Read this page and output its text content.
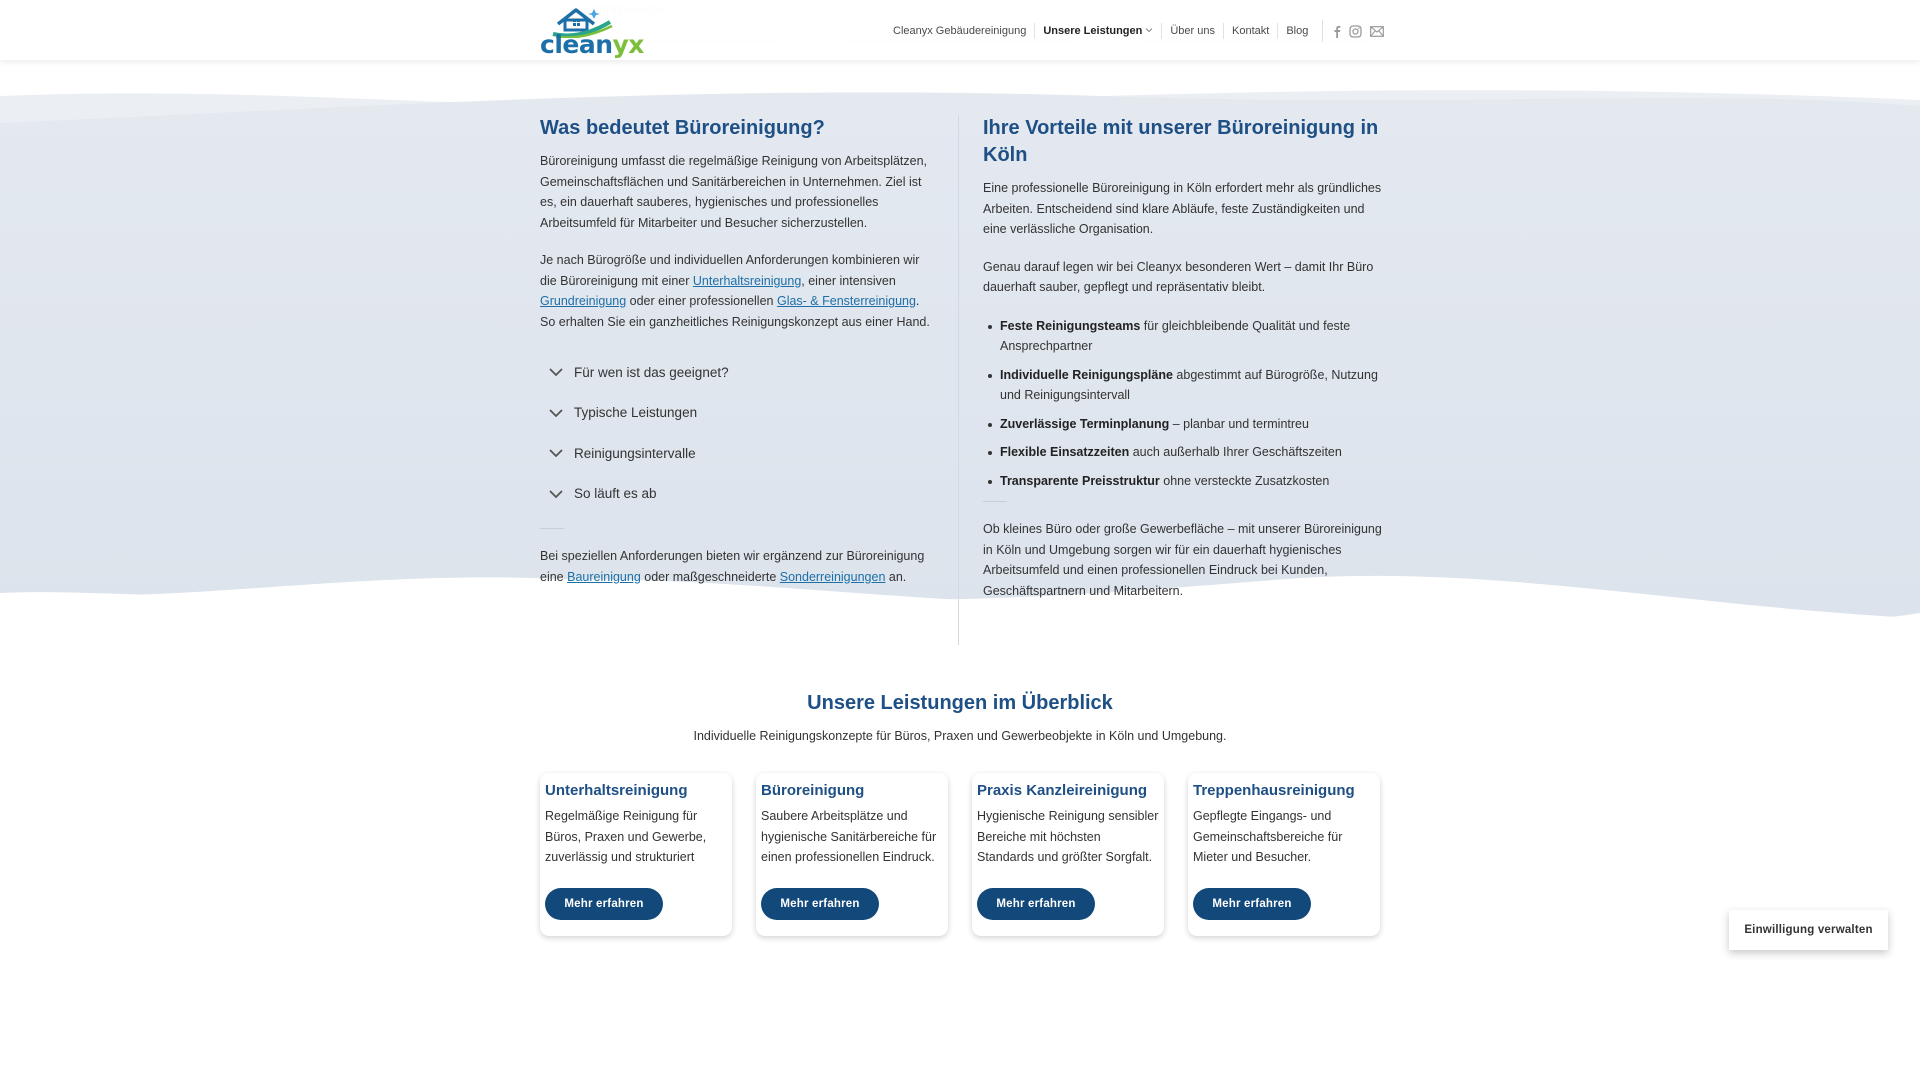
cleanyx	Cleanyx Gebäudereinigung Unsere Leistungen	Über uns Kontakt Blog
Was bedeutet Büroreinigung?

Büroreinigung umfasst die regelmäßige Reinigung von Arbeitsplätzen, Gemeinschaftsflächen und Sanitärbereichen in Unternehmen. Ziel ist es, ein dauerhaft sauberes, hygienisches und professionelles Arbeitsumfeld für Mitarbeiter und Besucher sicherzustellen.

Je nach Bürogröße und individuellen Anforderungen kombinieren wir die Büroreinigung mit einer Unterhaltsreinigung, einer intensiven Grundreinigung oder einer professionellen Glas- & Fensterreinigung. So erhalten Sie ein ganzheitliches Reinigungskonzept aus einer Hand.

Für wen ist das geeignet?
Typische Leistungen
Reinigungsintervalle
So läuft es ab

Bei speziellen Anforderungen bieten wir ergänzend zur Büroreinigung eine Baureinigung oder maßgeschneiderte Sonderreinigungen an.

Ihre Vorteile mit unserer Büroreinigung in Köln

Eine professionelle Büroreinigung in Köln erfordert mehr als gründliches Arbeiten. Entscheidend sind klare Abläufe, feste Zuständigkeiten und eine verlässliche Organisation.

Genau darauf legen wir bei Cleanyx besonderen Wert – damit Ihr Büro dauerhaft sauber, gepflegt und repräsentativ bleibt.

Feste Reinigungsteams für gleichbleibende Qualität und feste Ansprechpartner
Individuelle Reinigungspläne abgestimmt auf Bürogröße, Nutzung und Reinigungsintervall
Zuverlässige Terminplanung – planbar und termintreu
Flexible Einsatzzeiten auch außerhalb Ihrer Geschäftszeiten
Transparente Preisstruktur ohne versteckte Zusatzkosten

Ob kleines Büro oder große Gewerbefläche – mit unserer Büroreinigung in Köln und Umgebung sorgen wir für ein dauerhaft hygienisches Arbeitsumfeld und einen professionellen Eindruck bei Kunden, Geschäftspartnern und Mitarbeitern.

Unsere Leistungen im Überblick

Individuelle Reinigungskonzepte für Büros, Praxen und Gewerbeobjekte in Köln und Umgebung.

Unterhaltsreinigung
Regelmäßige Reinigung für Büros, Praxen und Gewerbe, zuverlässig und strukturiert
Mehr erfahren
Büroreinigung
Saubere Arbeitsplätze und hygienische Sanitärbereiche für einen professionellen Eindruck.
Mehr erfahren
Praxis Kanzleireinigung
Hygienische Reinigung sensibler Bereiche mit höchsten Standards und größter Sorgfalt.
Mehr erfahren
Treppenhausreinigung
Gepflegte Eingangs- und Gemeinschaftsbereiche für Mieter und Besucher.
Mehr erfahren
Einwilligung verwalten
